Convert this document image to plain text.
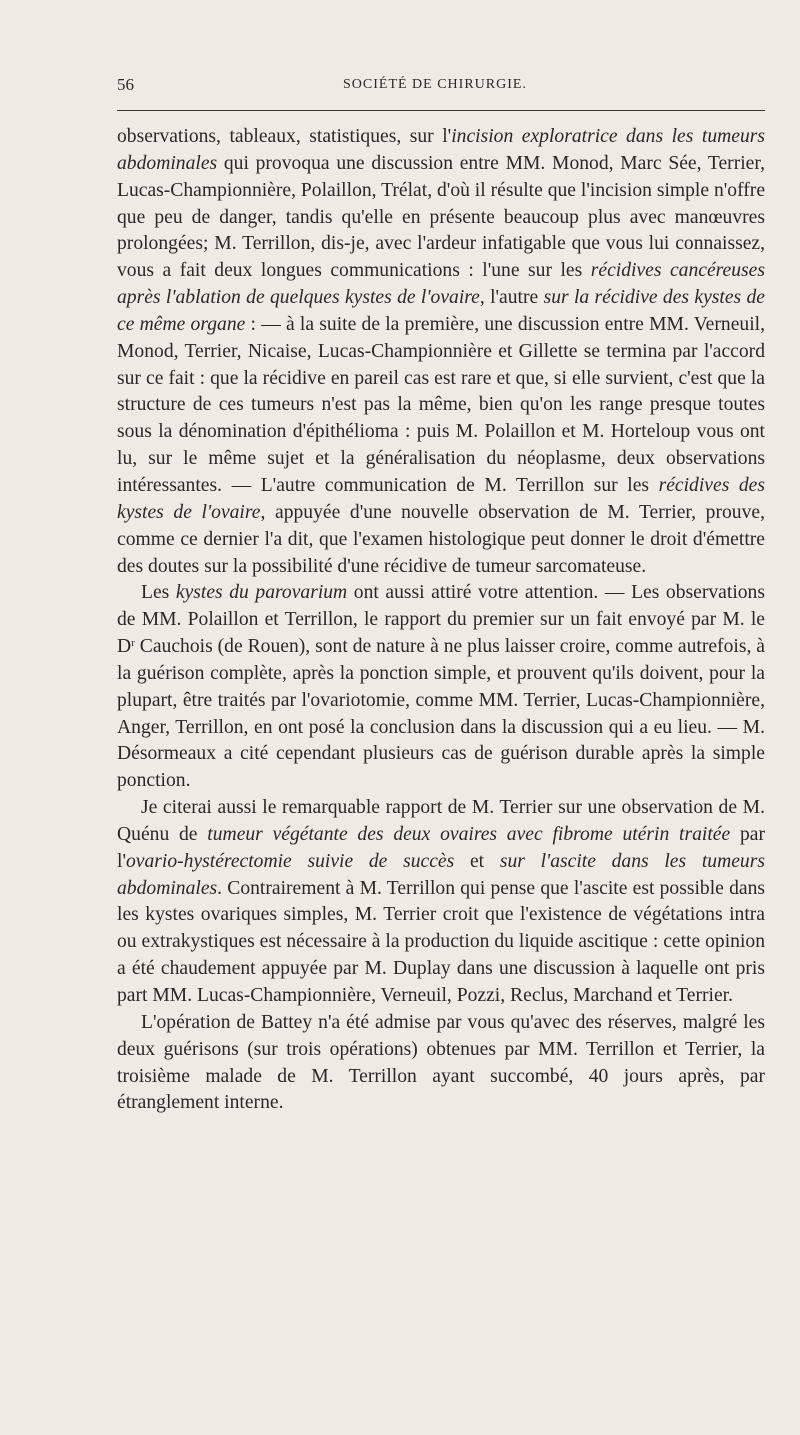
56	SOCIÉTÉ DE CHIRURGIE.

observations, tableaux, statistiques, sur l'incision exploratrice dans les tumeurs abdominales qui provoqua une discussion entre MM. Monod, Marc Sée, Terrier, Lucas-Championnière, Polaillon, Trélat, d'où il résulte que l'incision simple n'offre que peu de danger, tandis qu'elle en présente beaucoup plus avec manœuvres prolongées; M. Terrillon, dis-je, avec l'ardeur infatigable que vous lui connaissez, vous a fait deux longues communications : l'une sur les récidives cancéreuses après l'ablation de quelques kystes de l'ovaire, l'autre sur la récidive des kystes de ce même organe : — à la suite de la première, une discussion entre MM. Verneuil, Monod, Terrier, Nicaise, Lucas-Championnière et Gillette se termina par l'accord sur ce fait : que la récidive en pareil cas est rare et que, si elle survient, c'est que la structure de ces tumeurs n'est pas la même, bien qu'on les range presque toutes sous la dénomination d'épithélioma : puis M. Polaillon et M. Horteloup vous ont lu, sur le même sujet et la généralisation du néoplasme, deux observations intéressantes. — L'autre communication de M. Terrillon sur les récidives des kystes de l'ovaire, appuyée d'une nouvelle observation de M. Terrier, prouve, comme ce dernier l'a dit, que l'examen histologique peut donner le droit d'émettre des doutes sur la possibilité d'une récidive de tumeur sarcomateuse.

Les kystes du parovarium ont aussi attiré votre attention. — Les observations de MM. Polaillon et Terrillon, le rapport du premier sur un fait envoyé par M. le $D^r$ Cauchois (de Rouen), sont de nature à ne plus laisser croire, comme autrefois, à la guérison complète, après la ponction simple, et prouvent qu'ils doivent, pour la plupart, être traités par l'ovariotomie, comme MM. Terrier, Lucas-Championnière, Anger, Terrillon, en ont posé la conclusion dans la discussion qui a eu lieu. — M. Désormeaux a cité cependant plusieurs cas de guérison durable après la simple ponction.

Je citerai aussi le remarquable rapport de M. Terrier sur une observation de M. Quénu de tumeur végétante des deux ovaires avec fibrome utérin traitée par l'ovario-hystérectomie suivie de succès et sur l'ascite dans les tumeurs abdominales. Contrairement à M. Terrillon qui pense que l'ascite est possible dans les kystes ovariques simples, M. Terrier croit que l'existence de végétations intra ou extrakystiques est nécessaire à la production du liquide ascitique : cette opinion a été chaudement appuyée par M. Duplay dans une discussion à laquelle ont pris part MM. Lucas-Championnière, Verneuil, Pozzi, Reclus, Marchand et Terrier.

L'opération de Battey n'a été admise par vous qu'avec des réserves, malgré les deux guérisons (sur trois opérations) obtenues par MM. Terrillon et Terrier, la troisième malade de M. Terrillon ayant succombé, 40 jours après, par étranglement interne.
